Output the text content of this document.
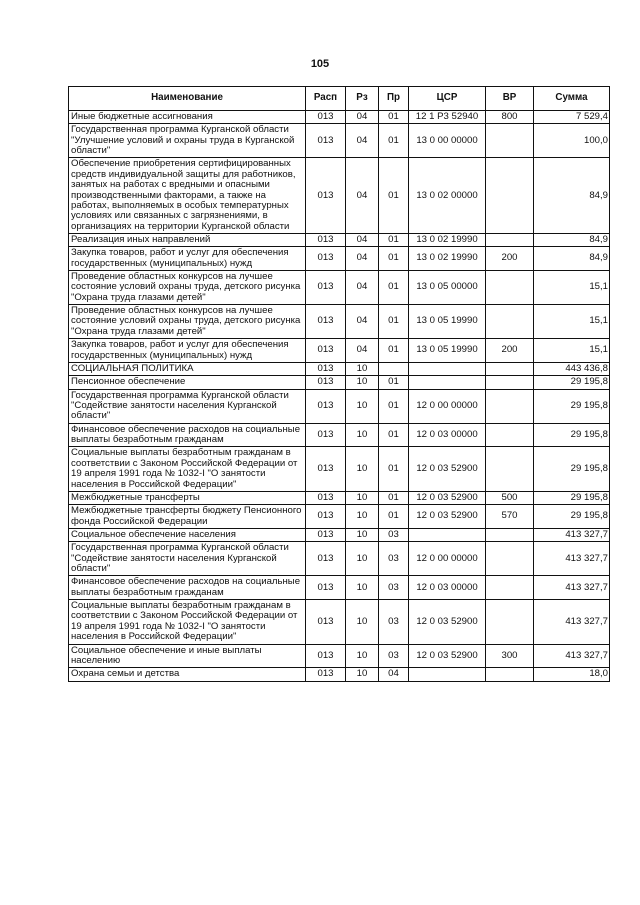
105
Наименование	Расп	Рз	Пр	ЦСР	ВР	Сумма
Иные бюджетные ассигнования	013	04	01	12 1 Р3 52940	800	7 529,4
Государственная программа Курганской области "Улучшение условий и охраны труда в Курганской области"	013	04	01	13 0 00 00000		100,0
Обеспечение приобретения сертифицированных средств индивидуальной защиты для работников, занятых на работах с вредными и опасными производственными факторами, а также на работах, выполняемых в особых температурных условиях или связанных с загрязнениями, в организациях на территории Курганской области	013	04	01	13 0 02 00000		84,9
Реализация иных направлений	013	04	01	13 0 02 19990		84,9
Закупка товаров, работ и услуг для обеспечения государственных (муниципальных) нужд	013	04	01	13 0 02 19990	200	84,9
Проведение областных конкурсов на лучшее состояние условий охраны труда, детского рисунка "Охрана труда глазами детей"	013	04	01	13 0 05 00000		15,1
Проведение областных конкурсов на лучшее состояние условий охраны труда, детского рисунка "Охрана труда глазами детей"	013	04	01	13 0 05 19990		15,1
Закупка товаров, работ и услуг для обеспечения государственных (муниципальных) нужд	013	04	01	13 0 05 19990	200	15,1
СОЦИАЛЬНАЯ ПОЛИТИКА	013	10				443 436,8
Пенсионное обеспечение	013	10	01			29 195,8
Государственная программа Курганской области "Содействие занятости населения Курганской области"	013	10	01	12 0 00 00000		29 195,8
Финансовое обеспечение расходов на социальные выплаты безработным гражданам	013	10	01	12 0 03 00000		29 195,8
Социальные выплаты безработным гражданам в соответствии с Законом Российской Федерации от 19 апреля 1991 года № 1032-I "О занятости населения в Российской Федерации"	013	10	01	12 0 03 52900		29 195,8
Межбюджетные трансферты	013	10	01	12 0 03 52900	500	29 195,8
Межбюджетные трансферты бюджету Пенсионного фонда Российской Федерации	013	10	01	12 0 03 52900	570	29 195,8
Социальное обеспечение населения	013	10	03			413 327,7
Государственная программа Курганской области "Содействие занятости населения Курганской области"	013	10	03	12 0 00 00000		413 327,7
Финансовое обеспечение расходов на социальные выплаты безработным гражданам	013	10	03	12 0 03 00000		413 327,7
Социальные выплаты безработным гражданам в соответствии с Законом Российской Федерации от 19 апреля 1991 года № 1032-I "О занятости населения в Российской Федерации"	013	10	03	12 0 03 52900		413 327,7
Социальное обеспечение и иные выплаты населению	013	10	03	12 0 03 52900	300	413 327,7
Охрана семьи и детства	013	10	04			18,0
